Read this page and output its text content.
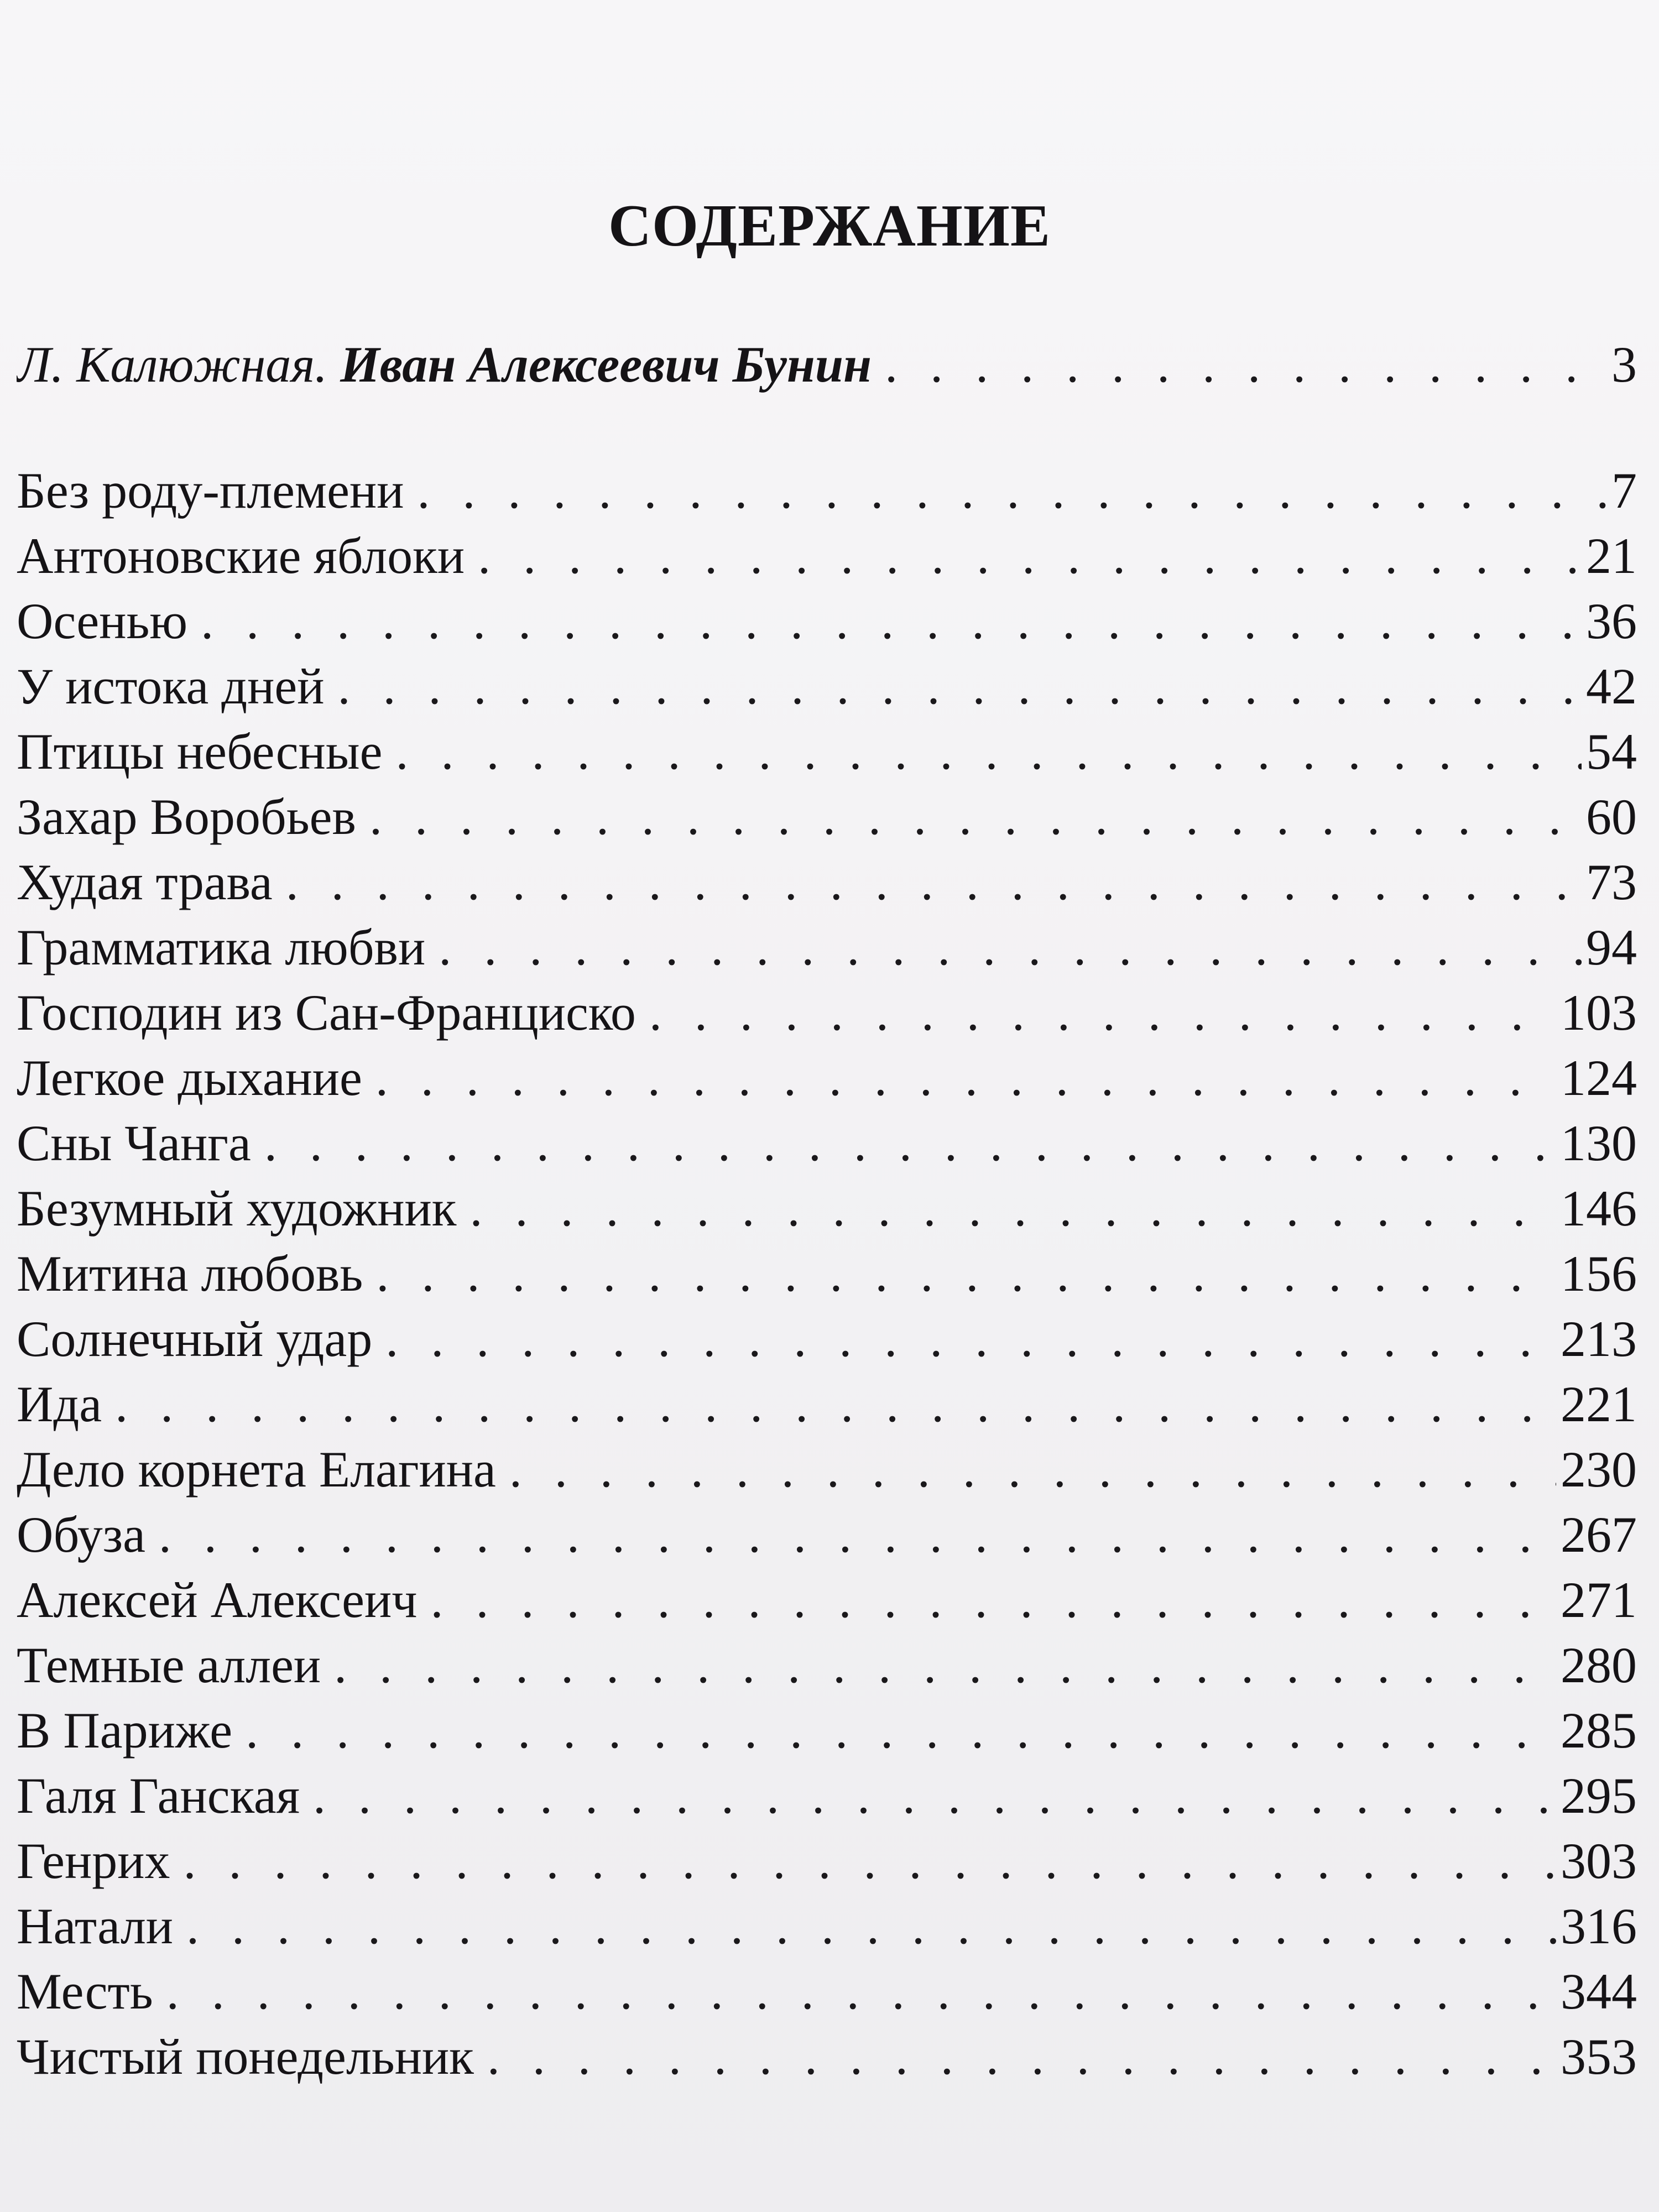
СОДЕРЖАНИЕ
Л. Калюжная. Иван Алексеевич Бунин . . .	3
Без роду-племени . . .	7
Антоновские яблоки . . .	21
Осенью . . .	36
У истока дней . . .	42
Птицы небесные . . .	54
Захар Воробьев . . .	60
Худая трава . . .	73
Грамматика любви . . .	94
Господин из Сан-Франциско . . .	103
Легкое дыхание . . .	124
Сны Чанга . . .	130
Безумный художник . . .	146
Митина любовь . . .	156
Солнечный удар . . .	213
Ида . . .	221
Дело корнета Елагина . . .	230
Обуза . . .	267
Алексей Алексеич . . .	271
Темные аллеи . . .	280
В Париже . . .	285
Галя Ганская . . .	295
Генрих . . .	303
Натали . . .	316
Месть . . .	344
Чистый понедельник . . .	353
